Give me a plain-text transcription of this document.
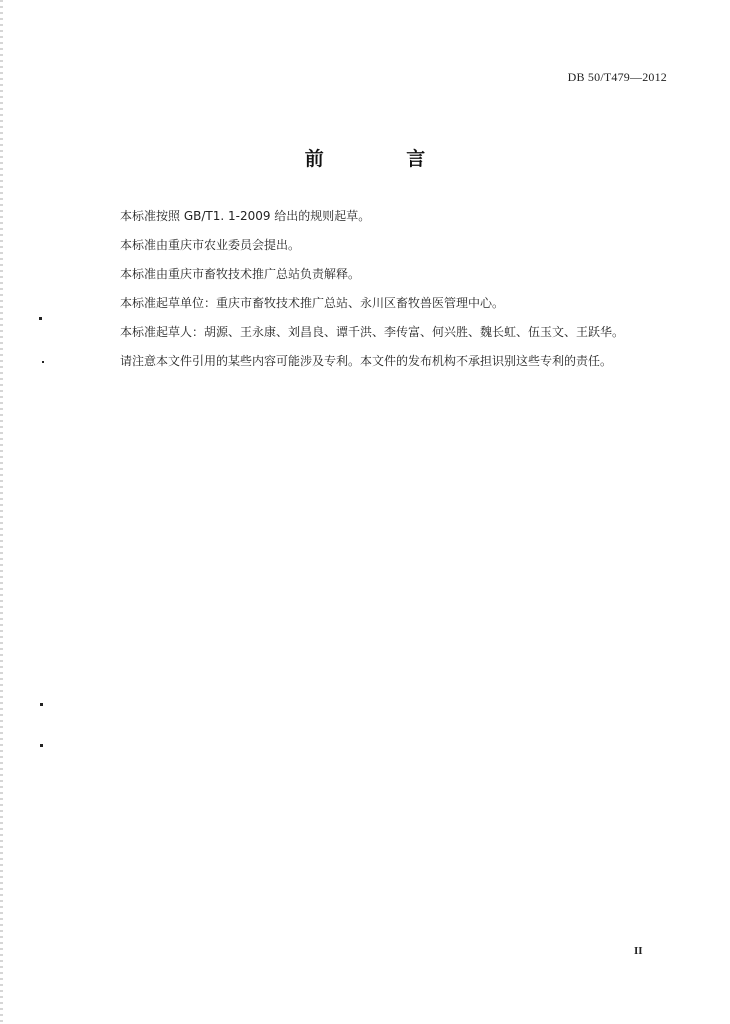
DB 50/T479—2012
前 言
本标准按照 GB/T1. 1-2009 给出的规则起草。
本标准由重庆市农业委员会提出。
本标准由重庆市畜牧技术推广总站负责解释。
本标准起草单位：重庆市畜牧技术推广总站、永川区畜牧兽医管理中心。
本标准起草人：胡源、王永康、刘昌良、谭千洪、李传富、何兴胜、魏长虹、伍玉文、王跃华。
请注意本文件引用的某些内容可能涉及专利。本文件的发布机构不承担识别这些专利的责任。
II
